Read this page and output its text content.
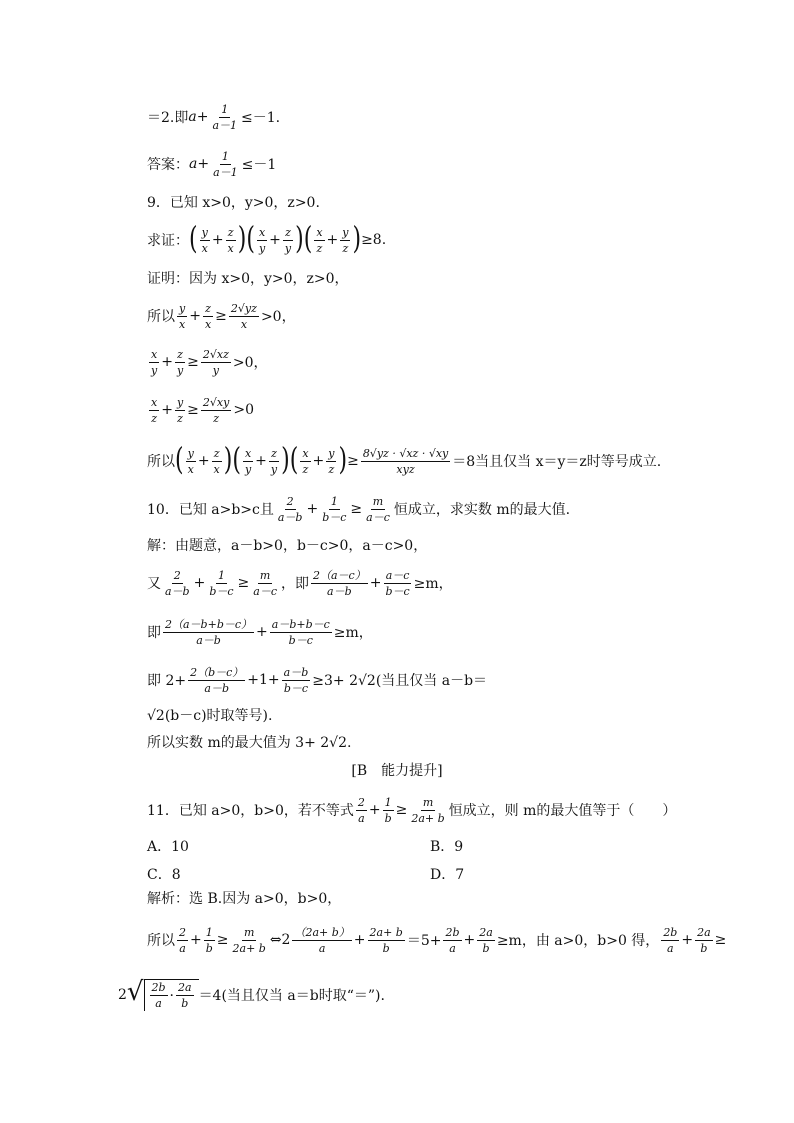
＝2.即 $a+ \frac{1}{a-1} \le-1$.
答案： $a+ \frac{1}{a-1} \le-1$
9．已知 x>0，y>0，z>0.
求证： ( $\frac{y}{x} + \frac{z}{x}$ ) ( $\frac{x}{y} + \frac{z}{y}$ ) ( $\frac{x}{z} + \frac{y}{z}$ ) ≥8.
证明：因为 x>0，y>0，z>0，
所以 $\frac{y}{x} + \frac{z}{x} \ge \frac{2√yz}{x} >0$，
$\frac{x}{y} + \frac{z}{y} \ge \frac{2√xz}{y} >0$，
$\frac{x}{z} + \frac{y}{z} \ge \frac{2√xy}{z} >0$
所以 ( $\frac{y}{x} + \frac{z}{x}$ ) ( $\frac{x}{y} + \frac{z}{y}$ ) ( $\frac{x}{z} + \frac{y}{z}$ ) ≥ $\frac{8√yz \cdot √xz \cdot √xy}{\text{xyz}} =8$当且仅当 x＝y＝z时等号成立.
10．已知 a>b>c且 $\frac{2}{a-b} + \frac{1}{b-c} \ge \frac{m}{a-c}$ 恒成立，求实数 m的最大值.
解：由题意，a－b>0，b－c>0，a－c>0，
又 $\frac{2}{a-b} + \frac{1}{b-c} \ge \frac{m}{a-c}$ ，即 $\frac{2(a-c)}{a-b} + \frac{a-c}{b-c} \ge m$，
即 $\frac{2(a-b+b-c)}{a-b} + \frac{a-b+b-c}{b-c} \ge m$，
即 $2+ \frac{2(b-c)}{a-b} +1+ \frac{a-b}{b-c} \ge 3+ 2√2$(当且仅当 a－b＝
√2(b－c)时取等号).
所以实数 m的最大值为 3+ 2√2.
[B　能力提升]
11．已知 a>0，b>0，若不等式 $\frac{2}{a} + \frac{1}{b} \ge \frac{m}{2a+ b}$ 恒成立，则 m的最大值等于（　　）
A．10	B．9
C．8	D．7
解析：选 B.因为 a>0，b>0，
所以 $\frac{2}{a} + \frac{1}{b} \ge \frac{m}{2a+ b}$ ⇔2 $\frac{(2a+ b)}{a} + \frac{2a+ b}{b} =5+ \frac{2b}{a} + \frac{2a}{b} \ge m$，由 a>0，b>0 得， $\frac{2b}{a} + \frac{2a}{b}$ ≥
2 √ $\frac{2b}{a} \cdot \frac{2a}{b} =4$(当且仅当 a＝b时取“＝”).
